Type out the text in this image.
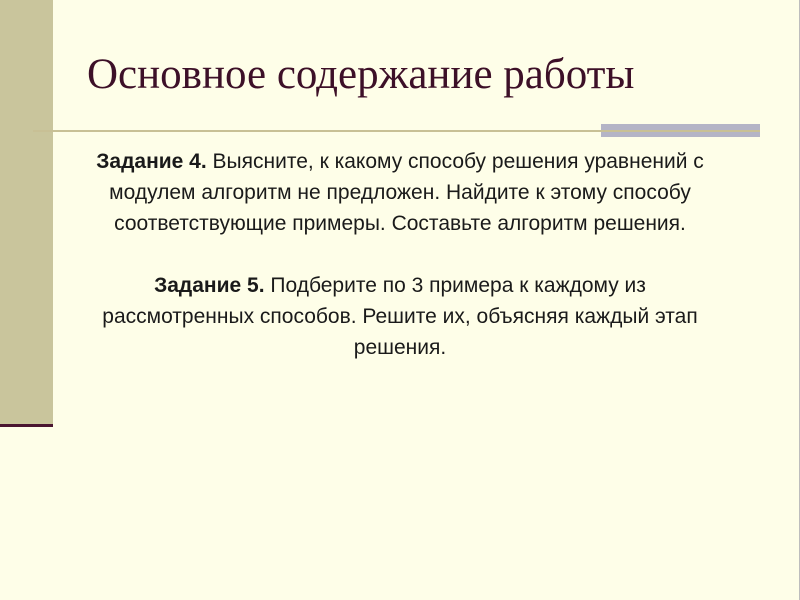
Основное содержание работы

Задание 4. Выясните, к какому способу решения уравнений с модулем алгоритм не предложен. Найдите к этому способу соответствующие примеры. Составьте алгоритм решения.

Задание 5. Подберите по 3 примера к каждому из рассмотренных способов. Решите их, объясняя каждый этап решения.
